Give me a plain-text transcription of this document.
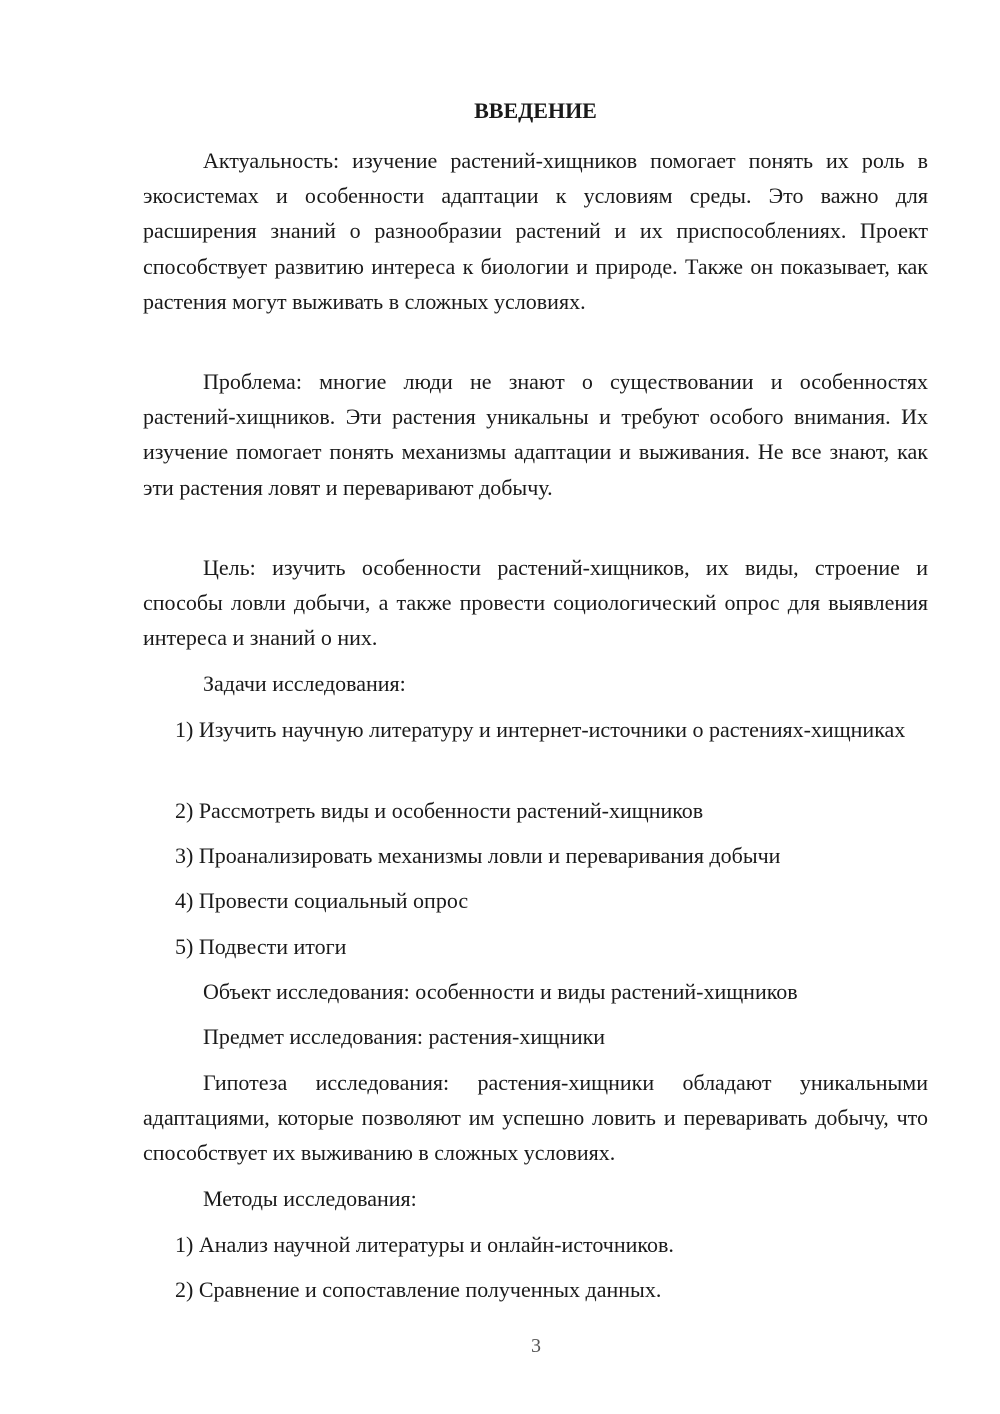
ВВЕДЕНИЕ

Актуальность: изучение растений-хищников помогает понять их роль в экосистемах и особенности адаптации к условиям среды. Это важно для расширения знаний о разнообразии растений и их приспособлениях. Проект способствует развитию интереса к биологии и природе. Также он показывает, как растения могут выживать в сложных условиях.

Проблема: многие люди не знают о существовании и особенностях растений-хищников. Эти растения уникальны и требуют особого внимания. Их изучение помогает понять механизмы адаптации и выживания. Не все знают, как эти растения ловят и переваривают добычу.

Цель: изучить особенности растений-хищников, их виды, строение и способы ловли добычи, а также провести социологический опрос для выявления интереса и знаний о них.

Задачи исследования:

1) Изучить научную литературу и интернет-источники о растениях-хищниках

2) Рассмотреть виды и особенности растений-хищников

3) Проанализировать механизмы ловли и переваривания добычи

4) Провести социальный опрос

5) Подвести итоги

Объект исследования: особенности и виды растений-хищников

Предмет исследования: растения-хищники

Гипотеза исследования: растения-хищники обладают уникальными адаптациями, которые позволяют им успешно ловить и переваривать добычу, что способствует их выживанию в сложных условиях.

Методы исследования:

1) Анализ научной литературы и онлайн-источников.

2) Сравнение и сопоставление полученных данных.

3
